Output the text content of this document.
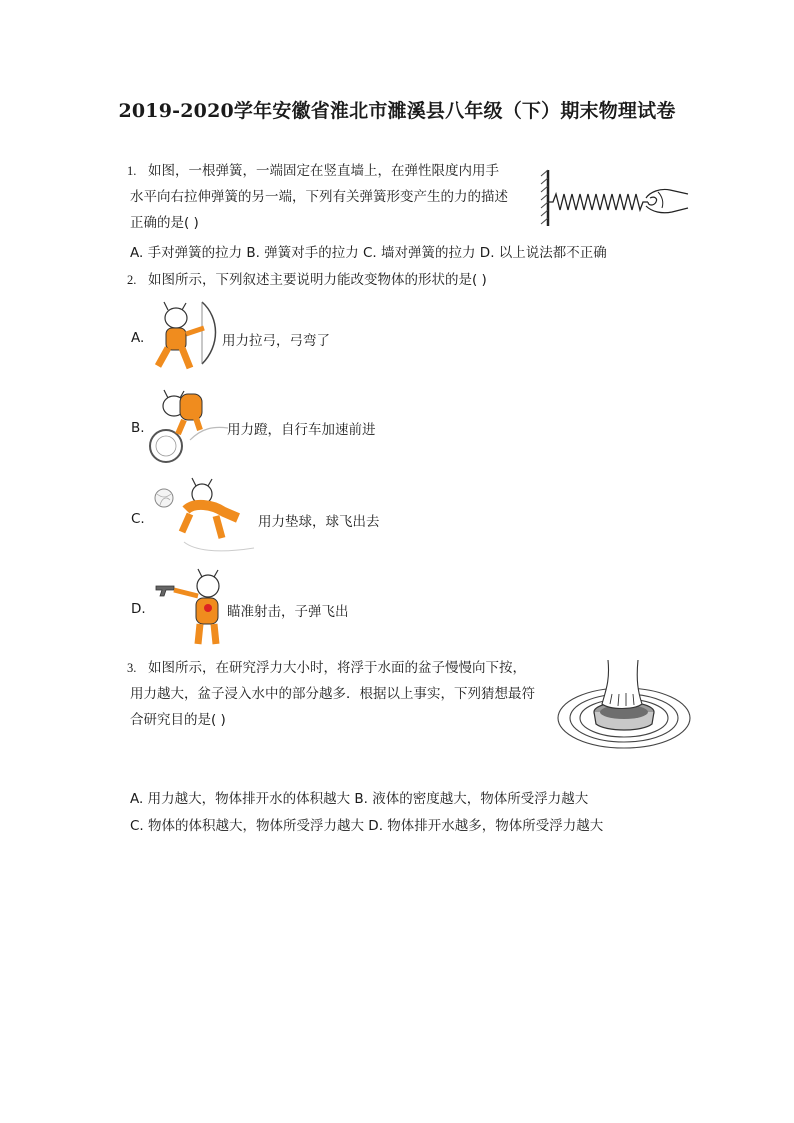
2019-2020学年安徽省淮北市濉溪县八年级（下）期末物理试卷
1. 如图，一根弹簧，一端固定在竖直墙上，在弹性限度内用手
水平向右拉伸弹簧的另一端，下列有关弹簧形变产生的力的描述
正确的是( )
A. 手对弹簧的拉力 B. 弹簧对手的拉力 C. 墙对弹簧的拉力 D. 以上说法都不正确
2. 如图所示，下列叙述主要说明力能改变物体的形状的是( )
A.	用力拉弓，弓弯了
B.	用力蹬，自行车加速前进
C.	用力垫球，球飞出去
D.	瞄准射击，子弹飞出
3. 如图所示，在研究浮力大小时，将浮于水面的盆子慢慢向下按，
用力越大，盆子浸入水中的部分越多．根据以上事实，下列猜想最符
合研究目的是( )
A. 用力越大，物体排开水的体积越大 B. 液体的密度越大，物体所受浮力越大
C. 物体的体积越大，物体所受浮力越大 D. 物体排开水越多，物体所受浮力越大
